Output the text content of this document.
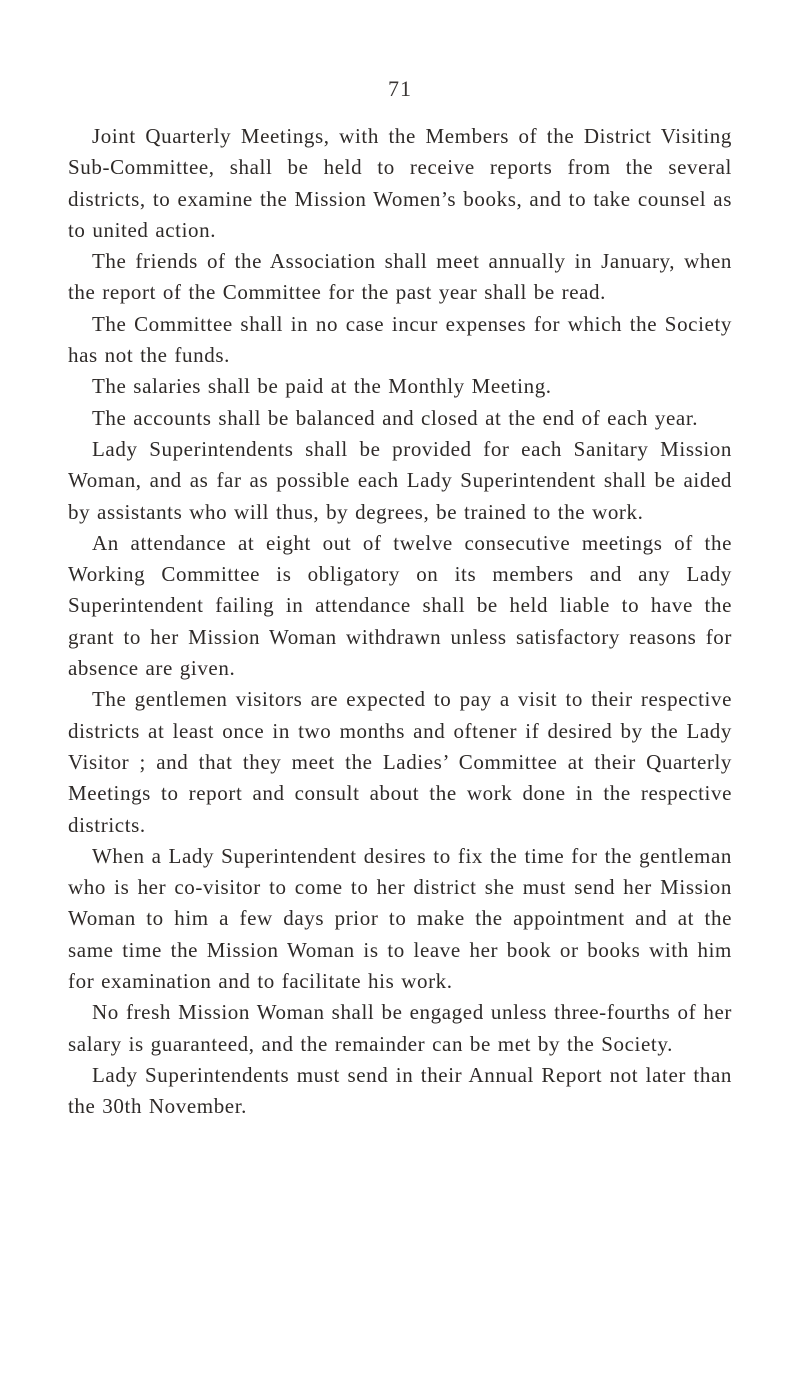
71

Joint Quarterly Meetings, with the Members of the District Visiting Sub-Committee, shall be held to receive reports from the several districts, to examine the Mission Women’s books, and to take counsel as to united action.

The friends of the Association shall meet annually in January, when the report of the Committee for the past year shall be read.

The Committee shall in no case incur expenses for which the Society has not the funds.

The salaries shall be paid at the Monthly Meeting.

The accounts shall be balanced and closed at the end of each year.

Lady Superintendents shall be provided for each Sanitary Mission Woman, and as far as possible each Lady Superintendent shall be aided by assistants who will thus, by degrees, be trained to the work.

An attendance at eight out of twelve consecutive meetings of the Working Committee is obligatory on its members and any Lady Superintendent failing in attendance shall be held liable to have the grant to her Mission Woman withdrawn unless satisfactory reasons for absence are given.

The gentlemen visitors are expected to pay a visit to their respective districts at least once in two months and oftener if desired by the Lady Visitor ; and that they meet the Ladies’ Committee at their Quarterly Meetings to report and consult about the work done in the respective districts.

When a Lady Superintendent desires to fix the time for the gentleman who is her co-visitor to come to her district she must send her Mission Woman to him a few days prior to make the appointment and at the same time the Mission Woman is to leave her book or books with him for examination and to facilitate his work.

No fresh Mission Woman shall be engaged unless three-fourths of her salary is guaranteed, and the remainder can be met by the Society.

Lady Superintendents must send in their Annual Report not later than the 30th November.
